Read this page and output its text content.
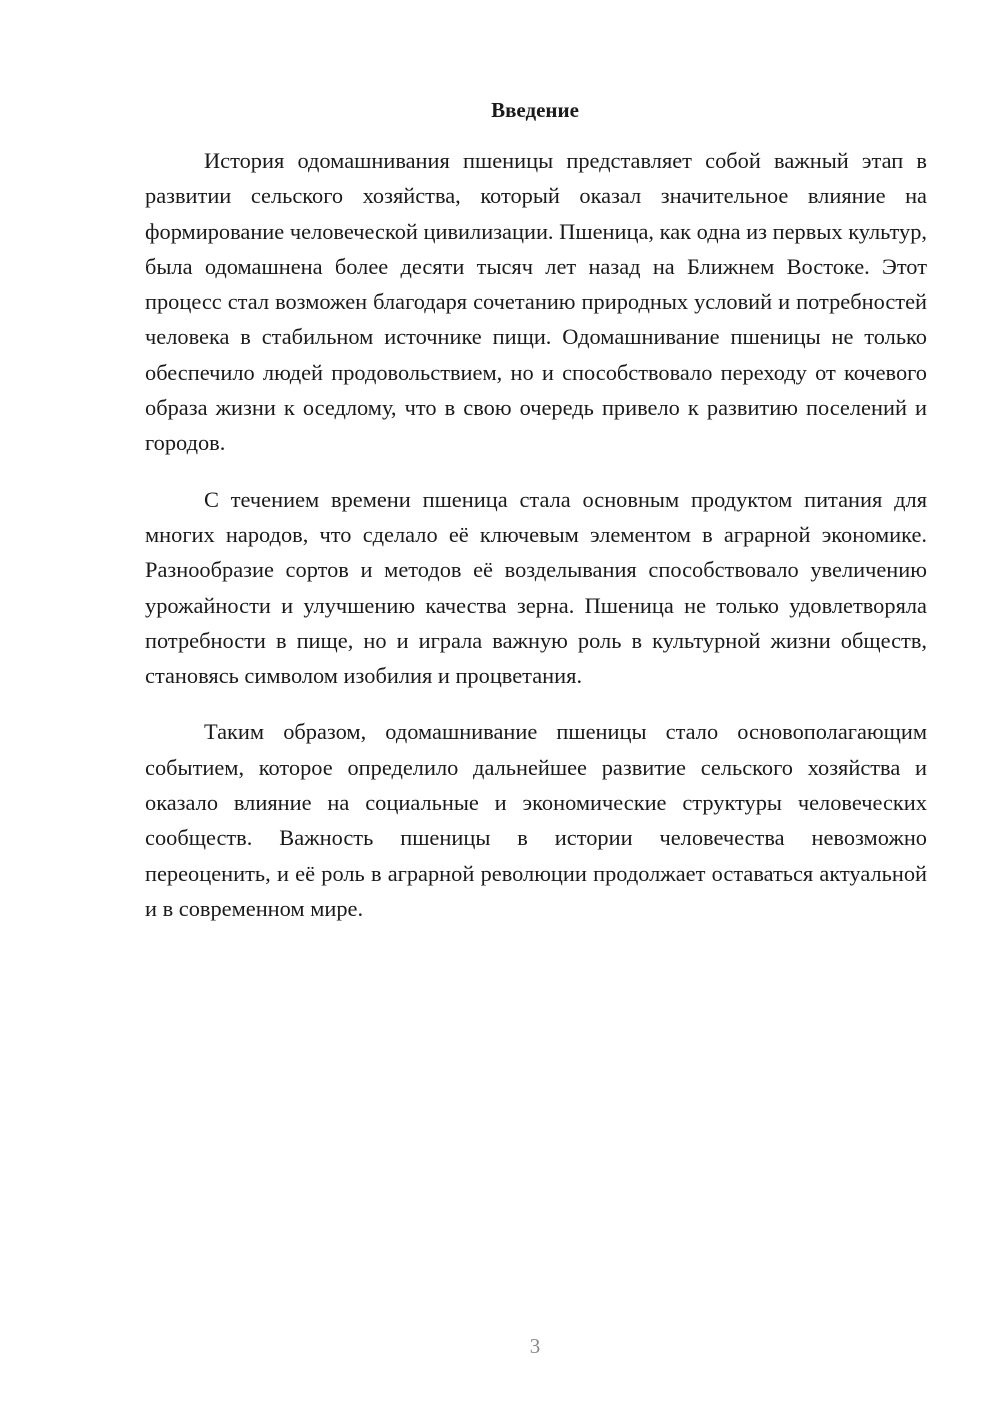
Введение

История одомашнивания пшеницы представляет собой важный этап в развитии сельского хозяйства, который оказал значительное влияние на формирование человеческой цивилизации. Пшеница, как одна из первых культур, была одомашнена более десяти тысяч лет назад на Ближнем Востоке. Этот процесс стал возможен благодаря сочетанию природных условий и потребностей человека в стабильном источнике пищи. Одомашнивание пшеницы не только обеспечило людей продовольствием, но и способствовало переходу от кочевого образа жизни к оседлому, что в свою очередь привело к развитию поселений и городов.

С течением времени пшеница стала основным продуктом питания для многих народов, что сделало её ключевым элементом в аграрной экономике. Разнообразие сортов и методов её возделывания способствовало увеличению урожайности и улучшению качества зерна. Пшеница не только удовлетворяла потребности в пище, но и играла важную роль в культурной жизни обществ, становясь символом изобилия и процветания.

Таким образом, одомашнивание пшеницы стало основополагающим событием, которое определило дальнейшее развитие сельского хозяйства и оказало влияние на социальные и экономические структуры человеческих сообществ. Важность пшеницы в истории человечества невозможно переоценить, и её роль в аграрной революции продолжает оставаться актуальной и в современном мире.

3
